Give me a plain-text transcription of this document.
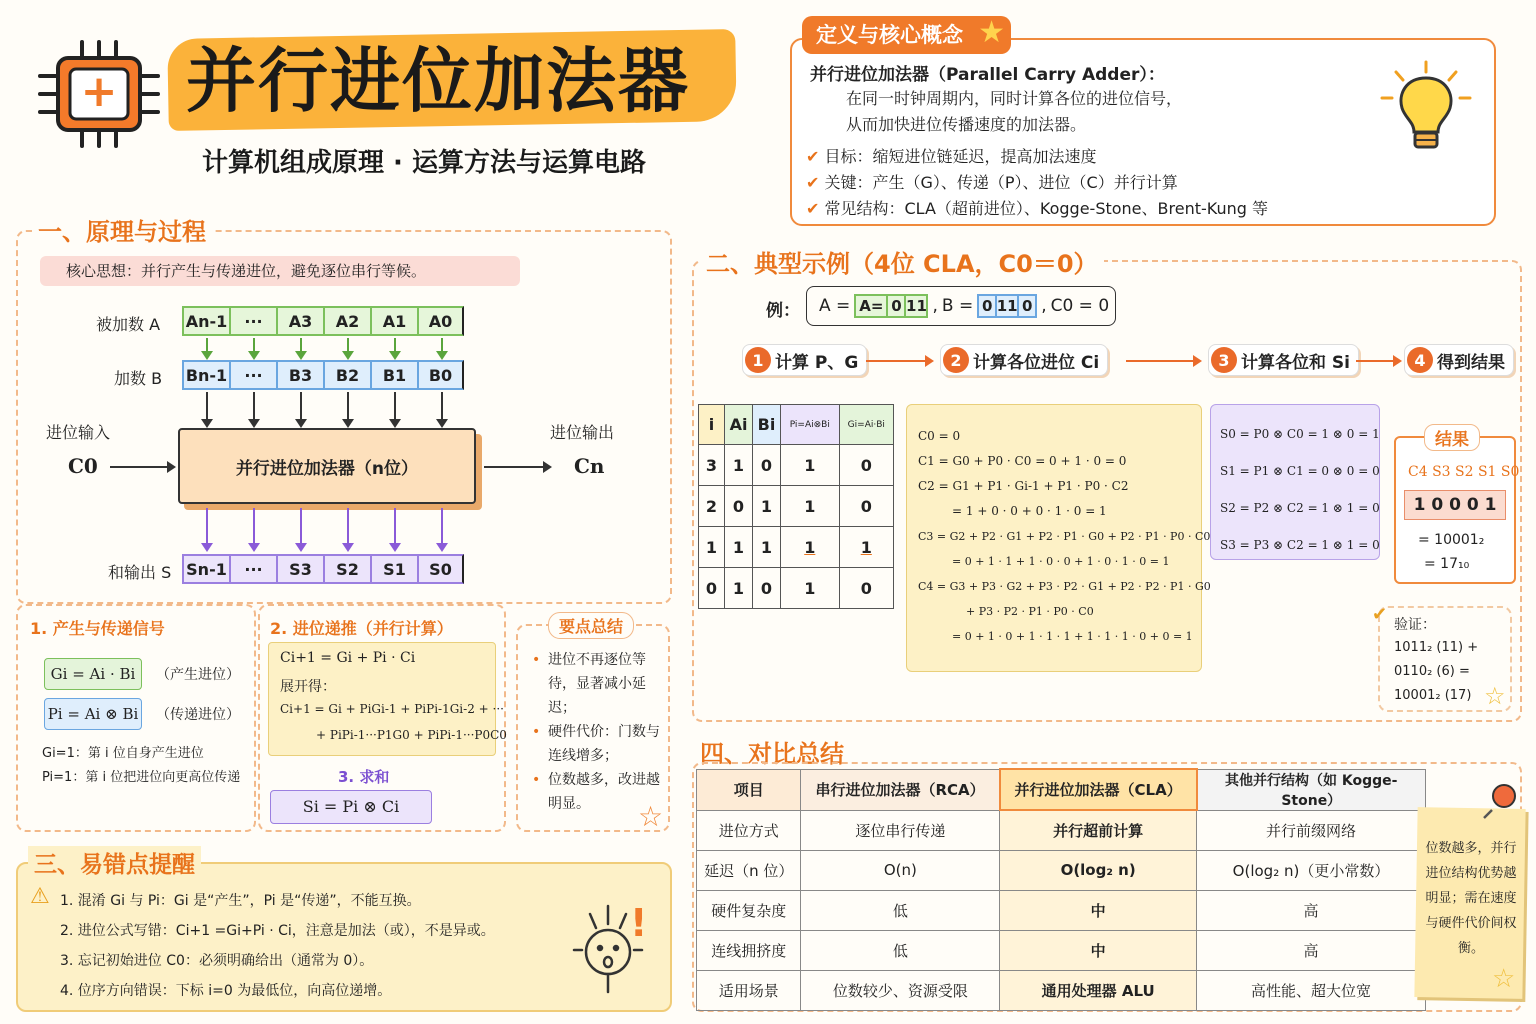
+ 并行进位加法器
计算机组成原理 · 运算方法与运算电路
定义与核心概念 ★
并行进位加法器（Parallel Carry Adder）：
在同一时钟周期内，同时计算各位的进位信号，
从而加快进位传播速度的加法器。
✔ 目标：缩短进位链延迟，提高加法速度
✔ 关键：产生（G）、传递（P）、进位（C）并行计算
✔ 常见结构：CLA（超前进位）、Kogge-Stone、Brent-Kung 等
一、原理与过程
核心思想：并行产生与传递进位，避免逐位串行等候。
被加数 A An-1	···	A3	A2	A1	A0
加数 B Bn-1	···	B3	B2	B1	B0
进位输入
C0	并行进位加法器（n位）
进位输出
Cn
和输出 S Sn-1	···	S3	S2	S1	S0
1. 产生与传递信号
Gi = Ai · Bi	（产生进位）
Pi = Ai ⊗ Bi （传递进位）
Gi=1：第 i 位自身产生进位
Pi=1：第 i 位把进位向更高位传递
2. 进位递推（并行计算）
Ci+1 = Gi + Pi · Ci
展开得：
Ci+1 = Gi + PiGi-1 + PiPi-1Gi-2 + ···
+ PiPi-1···P1G0 + PiPi-1···P0C0
3. 求和
Si = Pi ⊗ Ci
要点总结
• 进位不再逐位等待，显著减小延迟；
• 硬件代价：门数与连线增多；
• 位数越多，改进越明显。	☆
三、易错点提醒
⚠ 1. 混淆 Gi 与 Pi：Gi 是“产生”，Pi 是“传递”，不能互换。
2. 进位公式写错：Ci+1 =Gi+Pi · Ci，注意是加法（或），不是异或。
3. 忘记初始进位 C0：必须明确给出（通常为 0）。
4. 位序方向错误：下标 i=0 为最低位，向高位递增。
!
二、典型示例（4位 CLA，C0＝0）
例： A = A= 0 11 , B = 0 11 0 , C0 = 0
1 计算 P、G	2 计算各位进位 Ci	3 计算各位和 Si	4 得到结果
i	Ai	Bi	Pi=Ai⊗Bi	Gi=Ai·Bi
3	1	0	1	0
2	0	1	1	0
1	1	1	1	1
0	1	0	1	0
C0 = 0
C1 = G0 + P0 · C0 = 0 + 1 · 0 = 0
C2 = G1 + P1 · Gi-1 + P1 · P0 · C2
= 1 + 0 · 0 + 0 · 1 · 0 = 1
C3 = G2 + P2 · G1 + P2 · P1 · G0 + P2 · P1 · P0 · C0
= 0 + 1 · 1 + 1 · 0 · 0 + 1 · 0 · 1 · 0 = 1
C4 = G3 + P3 · G2 + P3 · P2 · G1 + P2 · P2 · P1 · G0
+ P3 · P2 · P1 · P0 · C0
= 0 + 1 · 0 + 1 · 1 · 1 + 1 · 1 · 1 · 0 + 0 = 1
S0 = P0 ⊗ C0 = 1 ⊗ 0 = 1
S1 = P1 ⊗ C1 = 0 ⊗ 0 = 0
S2 = P2 ⊗ C2 = 1 ⊗ 1 = 0
S3 = P3 ⊗ C2 = 1 ⊗ 1 = 0
结果
C4 S3 S2 S1 S0
1 0 0 0 1
= 10001₂
= 17₁₀
✔ 验证：
1011₂ (11) +
0110₂ (6) =
10001₂ (17) ☆
四、对比总结
项目	串行进位加法器（RCA）	并行进位加法器（CLA）	其他并行结构（如 Kogge-Stone）
进位方式	逐位串行传递	并行超前计算	并行前缀网络
延迟（n 位）	O(n)	O(log₂ n)	O(log₂ n)（更小常数）
硬件复杂度	低	中	高
连线拥挤度	低	中	高
适用场景	位数较少、资源受限	通用处理器 ALU	高性能、超大位宽
位数越多，并行进位结构优势越明显；需在速度与硬件代价间权衡。
☆
